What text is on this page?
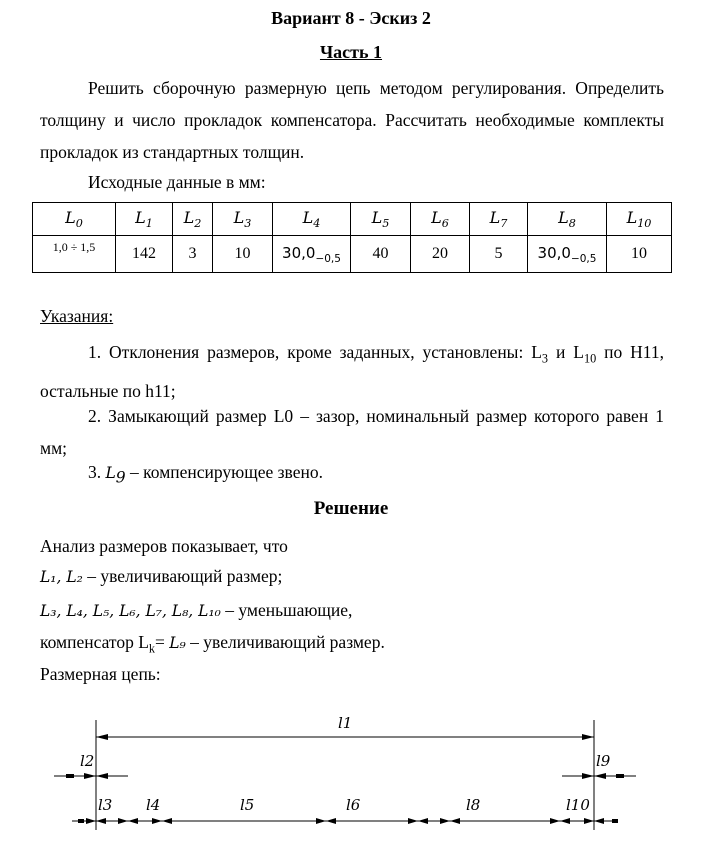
Вариант 8 - Эскиз 2
Часть 1
Решить сборочную размерную цепь методом регулирования. Определить толщину и число прокладок компенсатора. Рассчитать необходимые комплекты прокладок из стандартных толщин.
Исходные данные в мм:
$L_0$	$L_1$	$L_2$	$L_3$	$L_4$	$L_5$	$L_6$	$L_7$	$L_8$	$L_{10}$
1,0 ÷ 1,5	142	3	10	$30,0_{-0,5}$	40	20	5	$30,0_{-0,5}$	10
Указания:
1. Отклонения размеров, кроме заданных, установлены: $L_3$ и $L_{10}$ по Н11, остальные по h11;
2. Замыкающий размер L0 – зазор, номинальный размер которого равен 1 мм;
3. $L_9$ – компенсирующее звено.
Решение
Анализ размеров показывает, что
L₁, L₂ – увеличивающий размер;
L₃, L₄, L₅, L₆, L₇, L₈, L₁₀ – уменьшающие,
компенсатор $L_k= L_9$ – увеличивающий размер.
Размерная цепь:
l1
l2	l9
l3 l4	l5	l6	l8	l10
